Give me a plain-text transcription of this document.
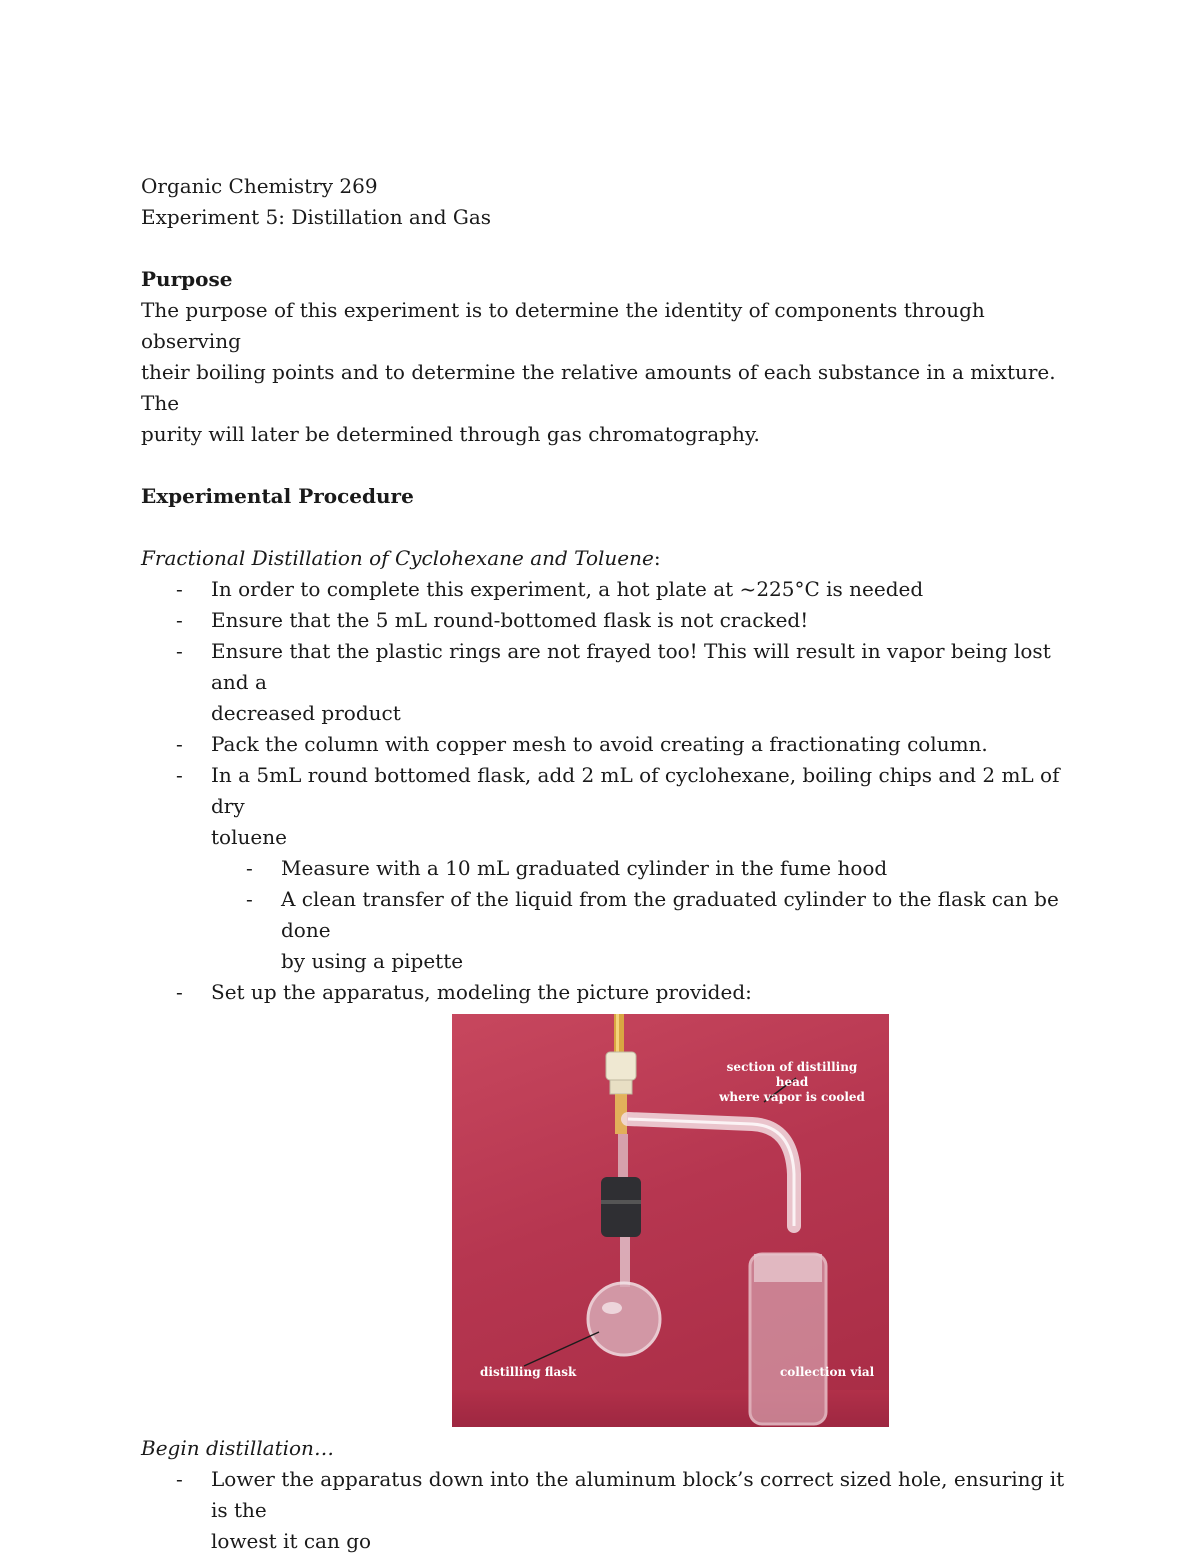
Organic Chemistry 269

Experiment 5: Distillation and Gas

Purpose

The purpose of this experiment is to determine the identity of components through observing

their boiling points and to determine the relative amounts of each substance in a mixture. The

purity will later be determined through gas chromatography.

Experimental Procedure

Fractional Distillation of Cyclohexane and Toluene:

- In order to complete this experiment, a hot plate at ~225°C is needed
- Ensure that the 5 mL round-bottomed flask is not cracked!
- Ensure that the plastic rings are not frayed too! This will result in vapor being lost and a
decreased product
- Pack the column with copper mesh to avoid creating a fractionating column.
- In a 5mL round bottomed flask, add 2 mL of cyclohexane, boiling chips and 2 mL of dry
toluene
- Measure with a 10 mL graduated cylinder in the fume hood
- A clean transfer of the liquid from the graduated cylinder to the flask can be done
by using a pipette
- Set up the apparatus, modeling the picture provided:
section of distilling head
where vapor is cooled
distilling flask	collection vial

Begin distillation…

- Lower the apparatus down into the aluminum block’s correct sized hole, ensuring it is the
lowest it can go
